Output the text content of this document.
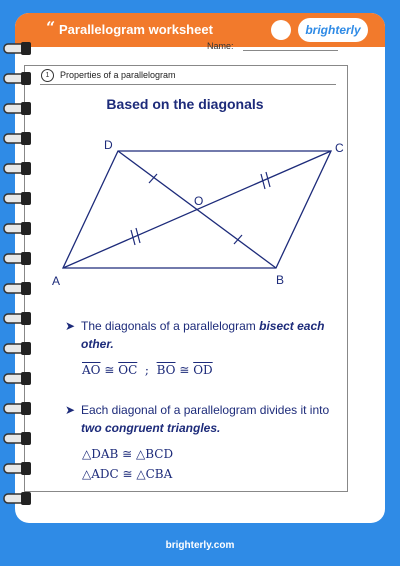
“ Parallelogram worksheet	brighterly
Name:
1	Properties of a parallelogram
Based on the diagonals
D	C
A	B
O
➤ The diagonals of a parallelogram bisect each other.
$\overline{AO}$ ≅ $\overline{OC}$ ; $\overline{BO}$ ≅ $\overline{OD}$
➤ Each diagonal of a parallelogram divides it into two congruent triangles.
△DAB ≅ △BCD
△ADC ≅ △CBA
brighterly.com
